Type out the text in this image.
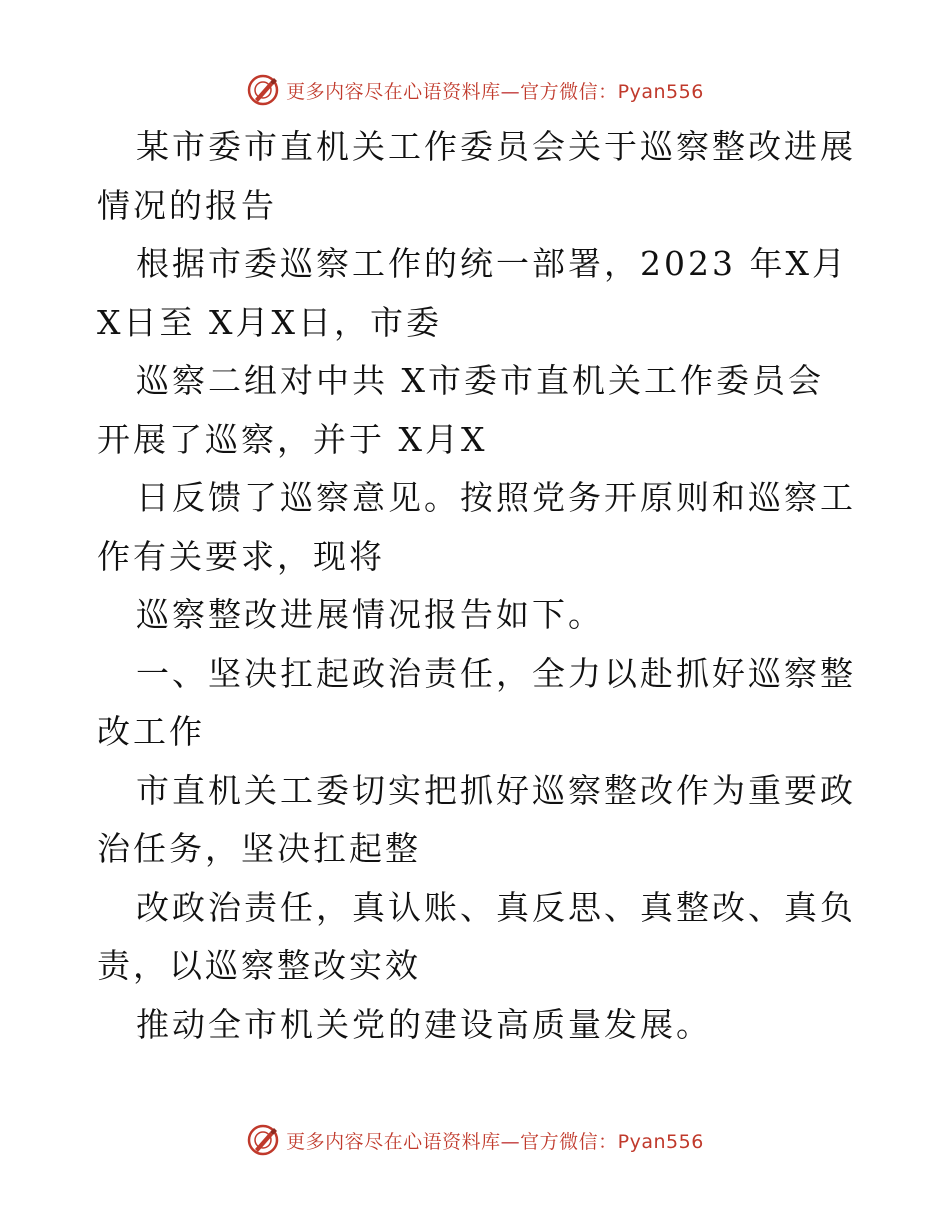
更多内容尽在心语资料库—官方微信：Pyan556

某市委市直机关工作委员会关于巡察整改进展情况的报告

根据市委巡察工作的统一部署，2023 年X月X日至 X月X日，市委

巡察二组对中共 X市委市直机关工作委员会开展了巡察，并于 X月X

日反馈了巡察意见。按照党务开原则和巡察工作有关要求，现将

巡察整改进展情况报告如下。

一、坚决扛起政治责任，全力以赴抓好巡察整改工作

市直机关工委切实把抓好巡察整改作为重要政治任务，坚决扛起整

改政治责任，真认账、真反思、真整改、真负责，以巡察整改实效

推动全市机关党的建设高质量发展。

更多内容尽在心语资料库—官方微信：Pyan556
